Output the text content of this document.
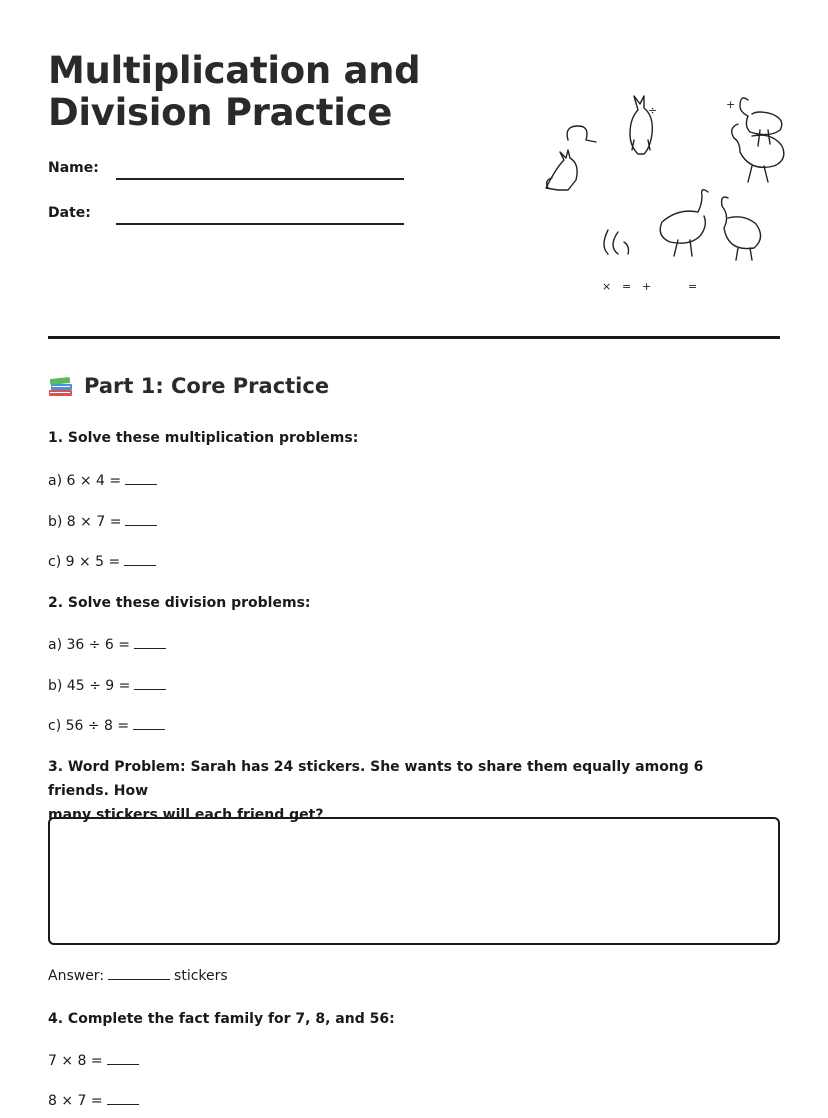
Multiplication and
Division Practice
Name:
Date:
÷	+
× = +	=
Part 1: Core Practice
1. Solve these multiplication problems:
a) 6 × 4 =
b) 8 × 7 =
c) 9 × 5 =
2. Solve these division problems:
a) 36 ÷ 6 =
b) 45 ÷ 9 =
c) 56 ÷ 8 =
3. Word Problem: Sarah has 24 stickers. She wants to share them equally among 6 friends. How
many stickers will each friend get?
Answer:	stickers
4. Complete the fact family for 7, 8, and 56:
7 × 8 =
8 × 7 =
